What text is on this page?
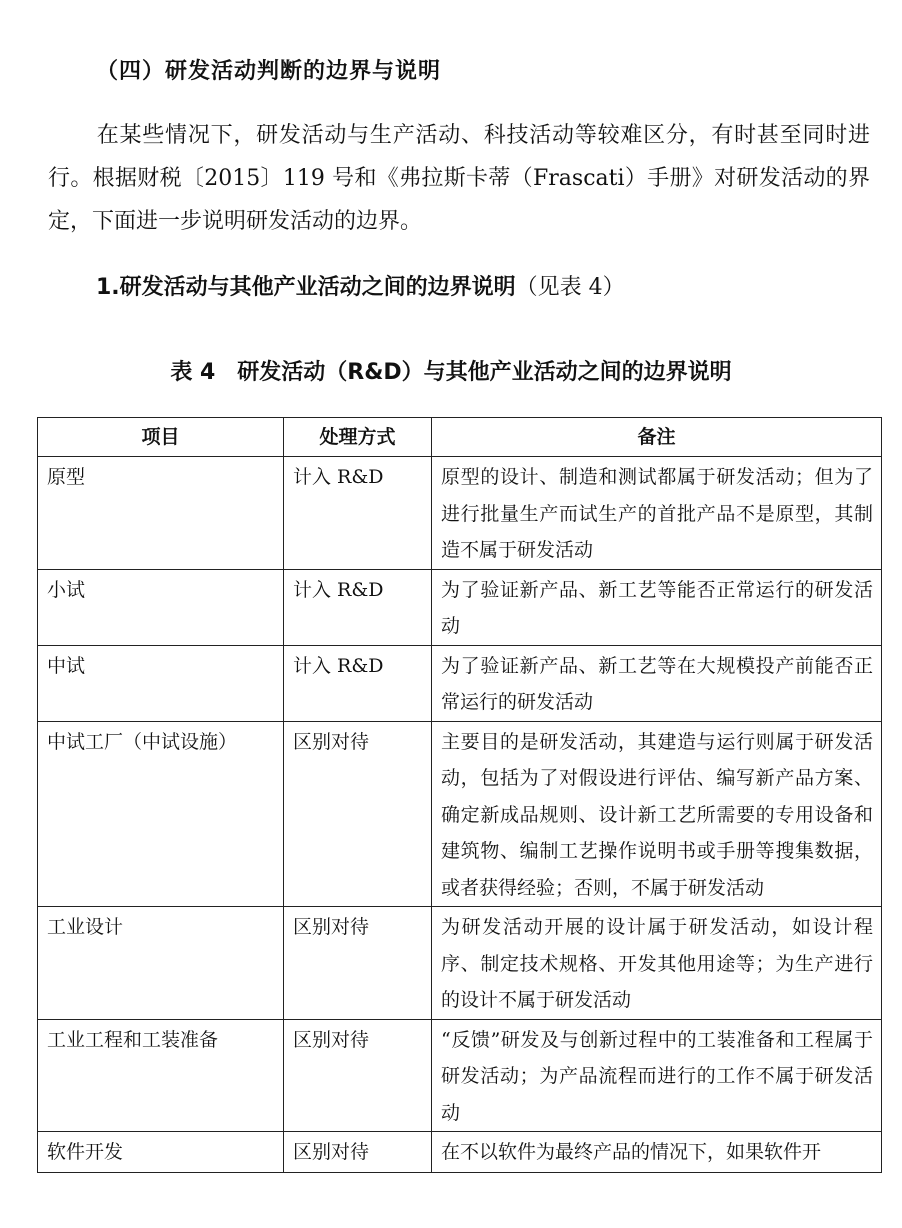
（四）研发活动判断的边界与说明
在某些情况下，研发活动与生产活动、科技活动等较难区分，有时甚至同时进行。根据财税〔2015〕119 号和《弗拉斯卡蒂（Frascati）手册》对研发活动的界定，下面进一步说明研发活动的边界。
1.研发活动与其他产业活动之间的边界说明（见表 4）
表 4　研发活动（R&D）与其他产业活动之间的边界说明
项目	处理方式	备注
原型	计入 R&D	原型的设计、制造和测试都属于研发活动；但为了进行批量生产而试生产的首批产品不是原型，其制造不属于研发活动
小试	计入 R&D	为了验证新产品、新工艺等能否正常运行的研发活动
中试	计入 R&D	为了验证新产品、新工艺等在大规模投产前能否正常运行的研发活动
中试工厂（中试设施）	区别对待	主要目的是研发活动，其建造与运行则属于研发活动，包括为了对假设进行评估、编写新产品方案、确定新成品规则、设计新工艺所需要的专用设备和建筑物、编制工艺操作说明书或手册等搜集数据，或者获得经验；否则，不属于研发活动
工业设计	区别对待	为研发活动开展的设计属于研发活动，如设计程序、制定技术规格、开发其他用途等；为生产进行的设计不属于研发活动
工业工程和工装准备	区别对待	“反馈”研发及与创新过程中的工装准备和工程属于研发活动；为产品流程而进行的工作不属于研发活动
软件开发	区别对待	在不以软件为最终产品的情况下，如果软件开
